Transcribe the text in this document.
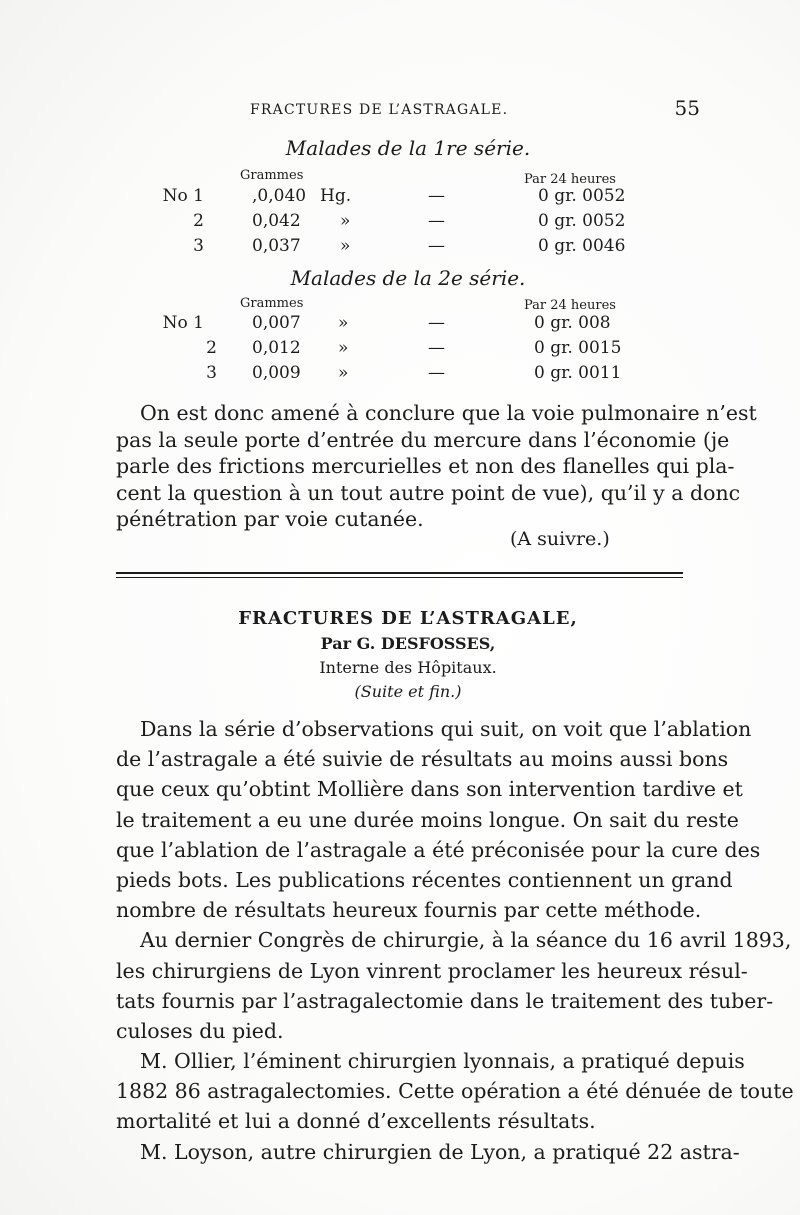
FRACTURES DE L’ASTRAGALE.	55
Malades de la 1re série.
Grammes	Par 24 heures
No 1	,0,040 Hg.	—	0 gr. 0052
2	0,042 »	—	0 gr. 0052
3	0,037 »	—	0 gr. 0046
Malades de la 2e série.
Grammes	Par 24 heures
No 1	0,007 »	—	0 gr. 008
2 0,012 »	—	0 gr. 0015
3 0,009 »	—	0 gr. 0011
On est donc amené à conclure que la voie pulmonaire n’est
pas la seule porte d’entrée du mercure dans l’économie (je
parle des frictions mercurielles et non des flanelles qui pla-
cent la question à un tout autre point de vue), qu’il y a donc
pénétration par voie cutanée.
(A suivre.)
FRACTURES DE L’ASTRAGALE,
Par G. DESFOSSES,
Interne des Hôpitaux.
(Suite et fin.)
Dans la série d’observations qui suit, on voit que l’ablation
de l’astragale a été suivie de résultats au moins aussi bons
que ceux qu’obtint Mollière dans son intervention tardive et
le traitement a eu une durée moins longue. On sait du reste
que l’ablation de l’astragale a été préconisée pour la cure des
pieds bots. Les publications récentes contiennent un grand
nombre de résultats heureux fournis par cette méthode.
Au dernier Congrès de chirurgie, à la séance du 16 avril 1893,
les chirurgiens de Lyon vinrent proclamer les heureux résul-
tats fournis par l’astragalectomie dans le traitement des tuber-
culoses du pied.
M. Ollier, l’éminent chirurgien lyonnais, a pratiqué depuis
1882 86 astragalectomies. Cette opération a été dénuée de toute
mortalité et lui a donné d’excellents résultats.
M. Loyson, autre chirurgien de Lyon, a pratiqué 22 astra-
